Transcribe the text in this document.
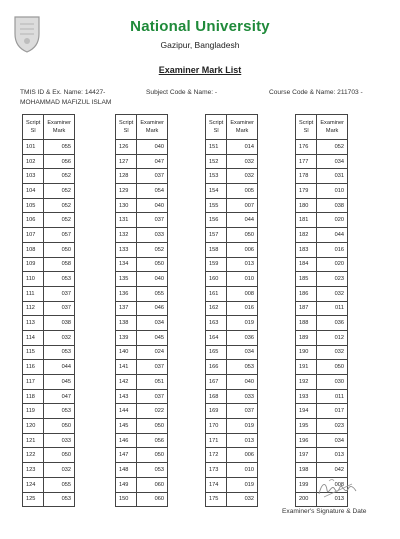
National University
Gazipur, Bangladesh
Examiner Mark List
TMIS ID & Ex. Name: 14427-
MOHAMMAD MAFIZUL ISLAM
Subject Code & Name: -	Course Code & Name: 211703 -
Script Sl	Examiner Mark
101	055
102	056
103	052
104	052
105	052
106	052
107	057
108	050
109	058
110	053
111	037
112	037
113	038
114	032
115	053
116	044
117	045
118	047
119	053
120	050
121	033
122	050
123	032
124	055
125	053
Script Sl	Examiner Mark
126	040
127	047
128	037
129	054
130	040
131	037
132	033
133	052
134	050
135	040
136	055
137	046
138	034
139	045
140	024
141	037
142	051
143	037
144	022
145	050
146	056
147	050
148	053
149	060
150	060
Script Sl	Examiner Mark
151	014
152	032
153	032
154	005
155	007
156	044
157	050
158	006
159	013
160	010
161	008
162	016
163	019
164	036
165	034
166	053
167	040
168	033
169	037
170	019
171	013
172	006
173	010
174	019
175	032
Script Sl	Examiner Mark
176	052
177	034
178	031
179	010
180	038
181	020
182	044
183	016
184	020
185	023
186	032
187	011
188	036
189	012
190	032
191	050
192	030
193	011
194	017
195	023
196	034
197	013
198	042
199	008
200	013
Examiner's Signature & Date
